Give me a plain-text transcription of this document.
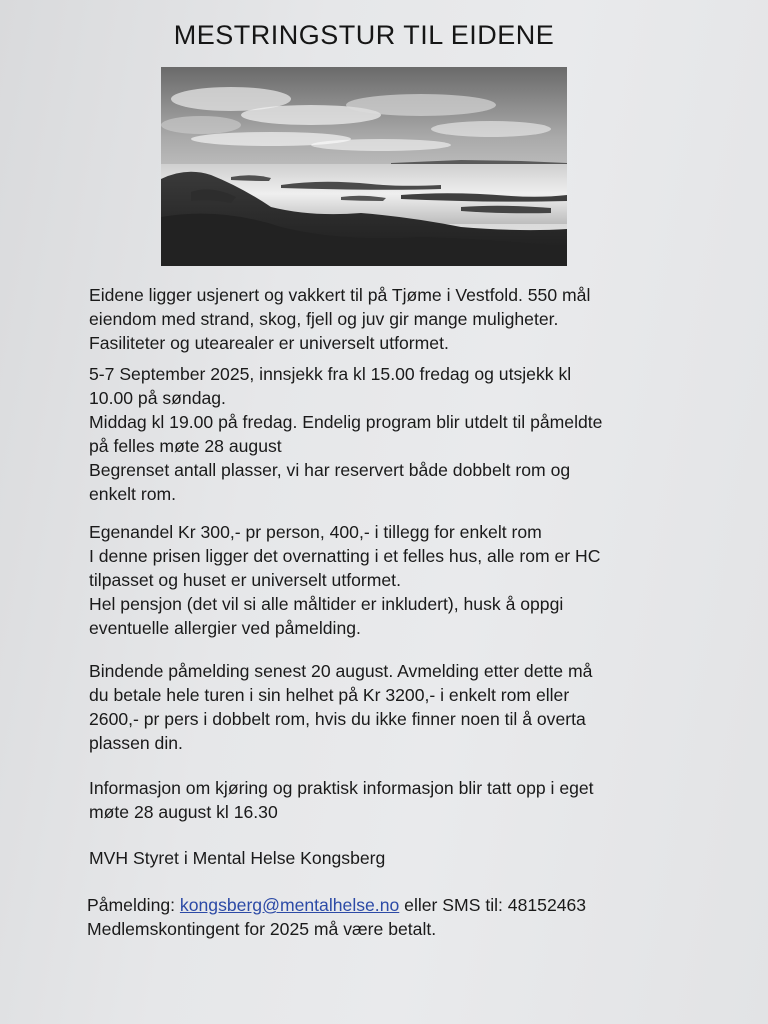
MESTRINGSTUR TIL EIDENE

Eidene ligger usjenert og vakkert til på Tjøme i Vestfold. 550 mål

eiendom med strand, skog, fjell og juv gir mange muligheter.

Fasiliteter og utearealer er universelt utformet.

5-7 September 2025, innsjekk fra kl 15.00 fredag og utsjekk kl

10.00 på søndag.

Middag kl 19.00 på fredag. Endelig program blir utdelt til påmeldte

på felles møte 28 august

Begrenset antall plasser, vi har reservert både dobbelt rom og

enkelt rom.

Egenandel Kr 300,- pr person, 400,- i tillegg for enkelt rom

I denne prisen ligger det overnatting i et felles hus, alle rom er HC

tilpasset og huset er universelt utformet.

Hel pensjon (det vil si alle måltider er inkludert), husk å oppgi

eventuelle allergier ved påmelding.

Bindende påmelding senest 20 august. Avmelding etter dette må

du betale hele turen i sin helhet på Kr 3200,- i enkelt rom eller

2600,- pr pers i dobbelt rom, hvis du ikke finner noen til å overta

plassen din.

Informasjon om kjøring og praktisk informasjon blir tatt opp i eget

møte 28 august kl 16.30

MVH Styret i Mental Helse Kongsberg

Påmelding: kongsberg@mentalhelse.no eller SMS til: 48152463

Medlemskontingent for 2025 må være betalt.
